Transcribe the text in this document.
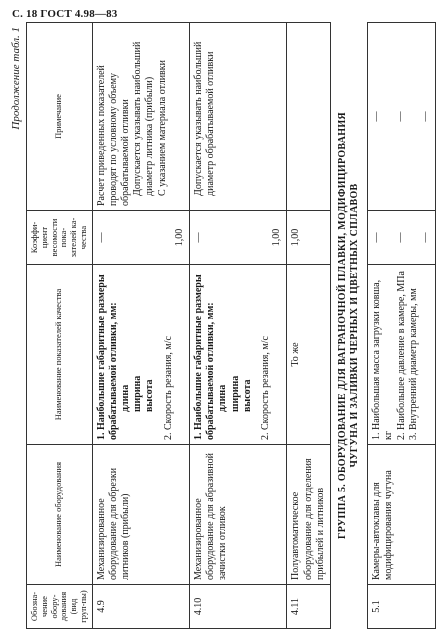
С. 18 ГОСТ 4.98—83
Продолжение табл. 1
Обозна-чение обору-дования (вид груп-пы)	Наименование оборудования	Наименование показателей качества	Коэффи-циент весомости пока-зателей ка-чества	Примечание
4.9	Механизированное оборудование для обрезки литников (прибыли)	1. Наибольшие габаритные размеры обрабатываемой отливки, мм: длина ширина высота 2. Скорость резания, м/с	— 1,00	Расчет приведенных показателей проводят по условному объему обрабатываемой отливки Допускается указывать наибольший диаметр литника (прибыли) С указанием материала отливки

4.10	Механизированное оборудование для абразивной зачистки отливок	1. Наибольшие габаритные размеры обрабатываемой отливки, мм: длина ширина высота 2. Скорость резания, м/с	— 1,00	Допускается указывать наибольший диаметр обрабатываемой отливки

4.11	Полуавтоматическое оборудование для отделения прибылей и литников	То же	1,00	

ГРУППА 5. ОБОРУДОВАНИЕ ДЛЯ ВАГРАНОЧНОЙ ПЛАВКИ, МОДИФИЦИРОВАНИЯ ЧУГУНА И ЗАЛИВКИ ЧЕРНЫХ И ЦВЕТНЫХ СПЛАВОВ				

5.1	Камеры-автоклавы для модифицирования чугуна	1. Наибольшая масса загрузки ковша, кг 2. Наибольшее давление в камере, МПа 3. Внутренний диаметр камеры, мм	— — —	— — —
